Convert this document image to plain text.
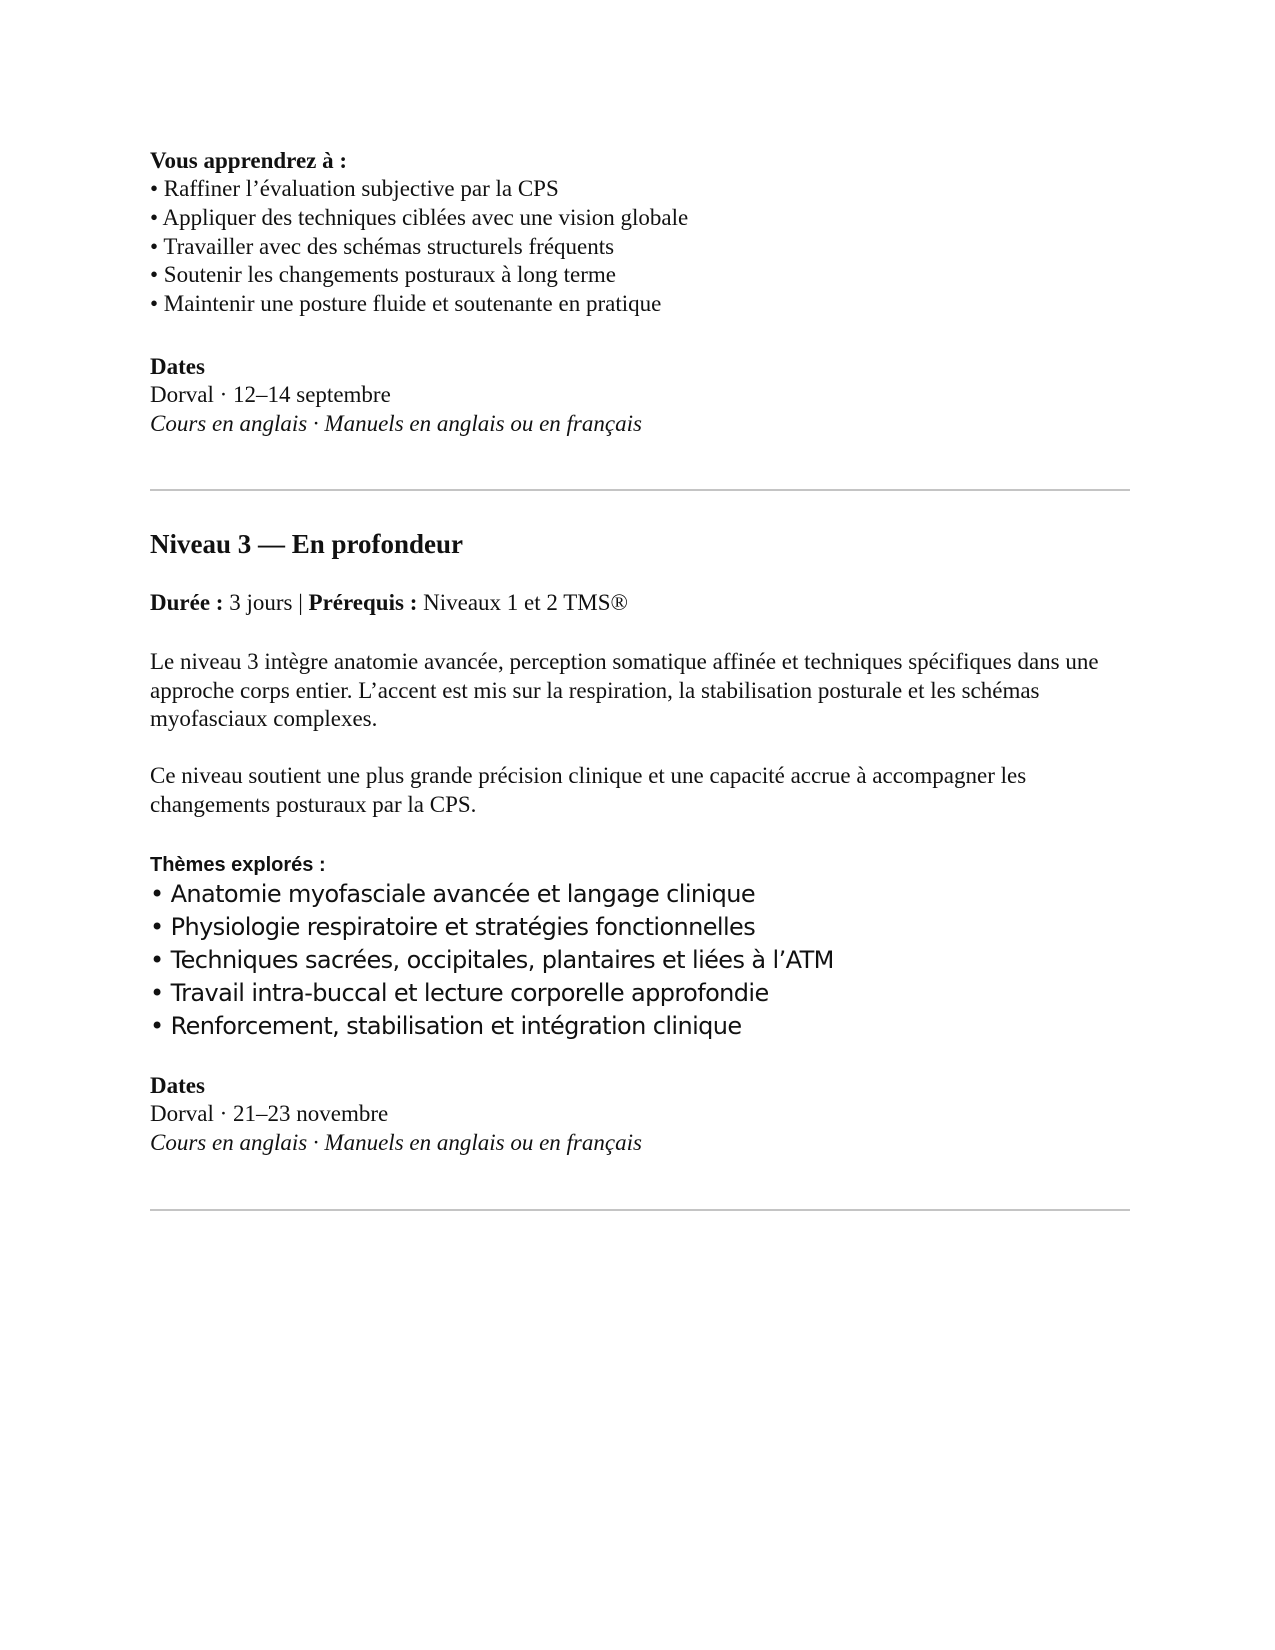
Vous apprendrez à :
• Raffiner l’évaluation subjective par la CPS
• Appliquer des techniques ciblées avec une vision globale
• Travailler avec des schémas structurels fréquents
• Soutenir les changements posturaux à long terme
• Maintenir une posture fluide et soutenante en pratique
Dates
Dorval · 12–14 septembre
Cours en anglais · Manuels en anglais ou en français
Niveau 3 — En profondeur
Durée : 3 jours | Prérequis : Niveaux 1 et 2 TMS®
Le niveau 3 intègre anatomie avancée, perception somatique affinée et techniques spécifiques dans une approche corps entier. L’accent est mis sur la respiration, la stabilisation posturale et les schémas myofasciaux complexes.
Ce niveau soutient une plus grande précision clinique et une capacité accrue à accompagner les changements posturaux par la CPS.
Thèmes explorés :
• Anatomie myofasciale avancée et langage clinique
• Physiologie respiratoire et stratégies fonctionnelles
• Techniques sacrées, occipitales, plantaires et liées à l’ATM
• Travail intra-buccal et lecture corporelle approfondie
• Renforcement, stabilisation et intégration clinique
Dates
Dorval · 21–23 novembre
Cours en anglais · Manuels en anglais ou en français
